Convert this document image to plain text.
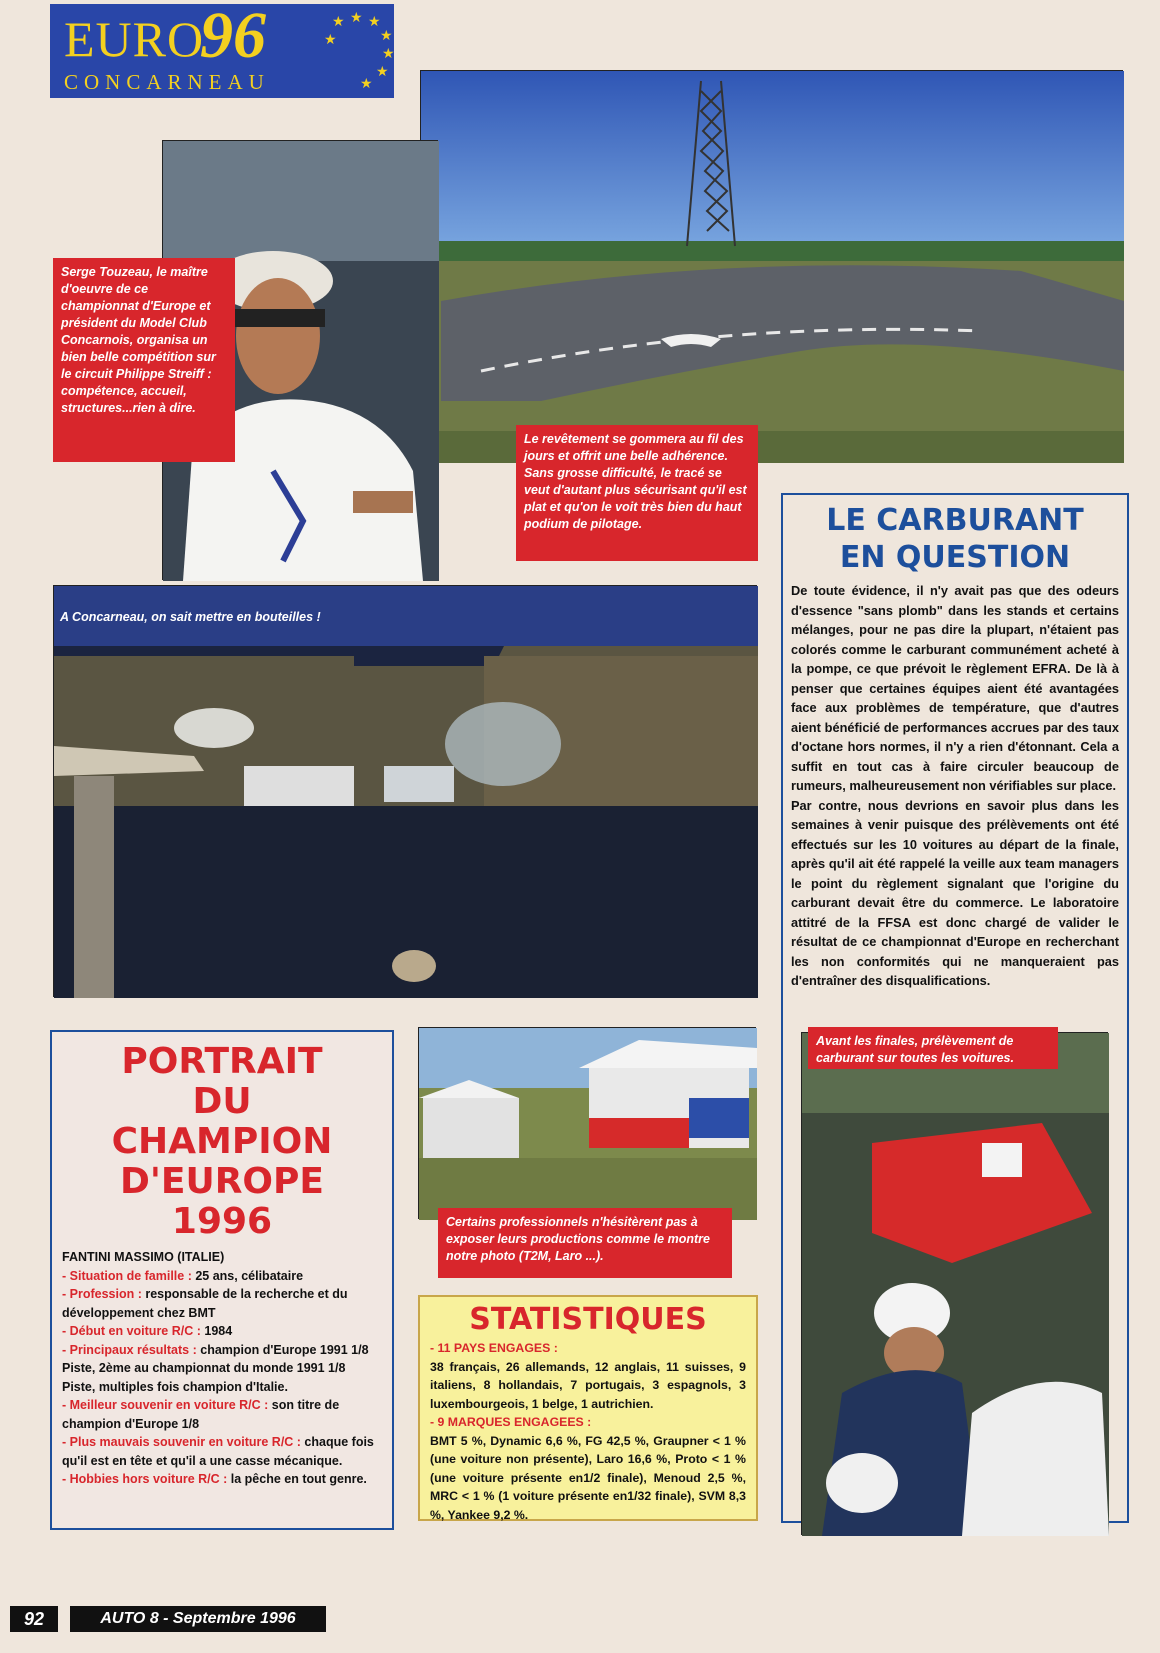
EURO
96
CONCARNEAU
★ ★
★
★
★
★
★
★
Serge Touzeau, le maître d'oeuvre de ce championnat d'Europe et président du Model Club Concarnois, organisa un bien belle compétition sur le circuit Philippe Streiff : compétence, accueil, structures...rien à dire.
Le revêtement se gommera au fil des jours et offrit une belle adhérence. Sans grosse difficulté, le tracé se veut d'autant plus sécurisant qu'il est plat et qu'on le voit très bien du haut podium de pilotage.	LE CARBURANT
EN QUESTION
De toute évidence, il n'y avait pas que des odeurs d'essence "sans plomb" dans les stands et certains mélanges, pour ne pas dire la plupart, n'étaient pas colorés comme le carburant communément acheté à la pompe, ce que prévoit le règlement EFRA. De là à penser que certaines équipes aient été avantagées face aux problèmes de température, que d'autres aient bénéficié de performances accrues par des taux d'octane hors normes, il n'y a rien d'étonnant. Cela a suffit en tout cas à faire circuler beaucoup de rumeurs, malheureusement non vérifiables sur place.
Par contre, nous devrions en savoir plus dans les semaines à venir puisque des prélèvements ont été effectués sur les 10 voitures au départ de la finale, après qu'il ait été rappelé la veille aux team managers le point du règlement signalant que l'origine du carburant devait être du commerce. Le laboratoire attitré de la FFSA est donc chargé de valider le résultat de ce championnat d'Europe en recherchant les non conformités qui ne manqueraient pas d'entraîner des disqualifications.
A Concarneau, on sait mettre en bouteilles !
PORTRAIT
DU
CHAMPION
D'EUROPE
1996
FANTINI MASSIMO (ITALIE)
- Situation de famille : 25 ans, célibataire
- Profession : responsable de la recherche et du développement chez BMT
- Début en voiture R/C : 1984
- Principaux résultats : champion d'Europe 1991 1/8 Piste, 2ème au championnat du monde 1991 1/8 Piste, multiples fois champion d'Italie.
- Meilleur souvenir en voiture R/C : son titre de champion d'Europe 1/8
- Plus mauvais souvenir en voiture R/C : chaque fois qu'il est en tête et qu'il a une casse mécanique.
- Hobbies hors voiture R/C : la pêche en tout genre.
Certains professionnels n'hésitèrent pas à exposer leurs productions comme le montre notre photo (T2M, Laro ...).
STATISTIQUES
- 11 PAYS ENGAGES :
38 français, 26 allemands, 12 anglais, 11 suisses, 9 italiens, 8 hollandais, 7 portugais, 3 espagnols, 3 luxembourgeois, 1 belge, 1 autrichien.
- 9 MARQUES ENGAGEES :
BMT 5 %, Dynamic 6,6 %, FG 42,5 %, Graupner < 1 % (une voiture non présente), Laro 16,6 %, Proto < 1 % (une voiture présente en1/2 finale), Menoud 2,5 %, MRC < 1 % (1 voiture présente en1/32 finale), SVM 8,3 %, Yankee 9,2 %.
Avant les finales, prélèvement de carburant sur toutes les voitures.
92	AUTO 8 - Septembre 1996
